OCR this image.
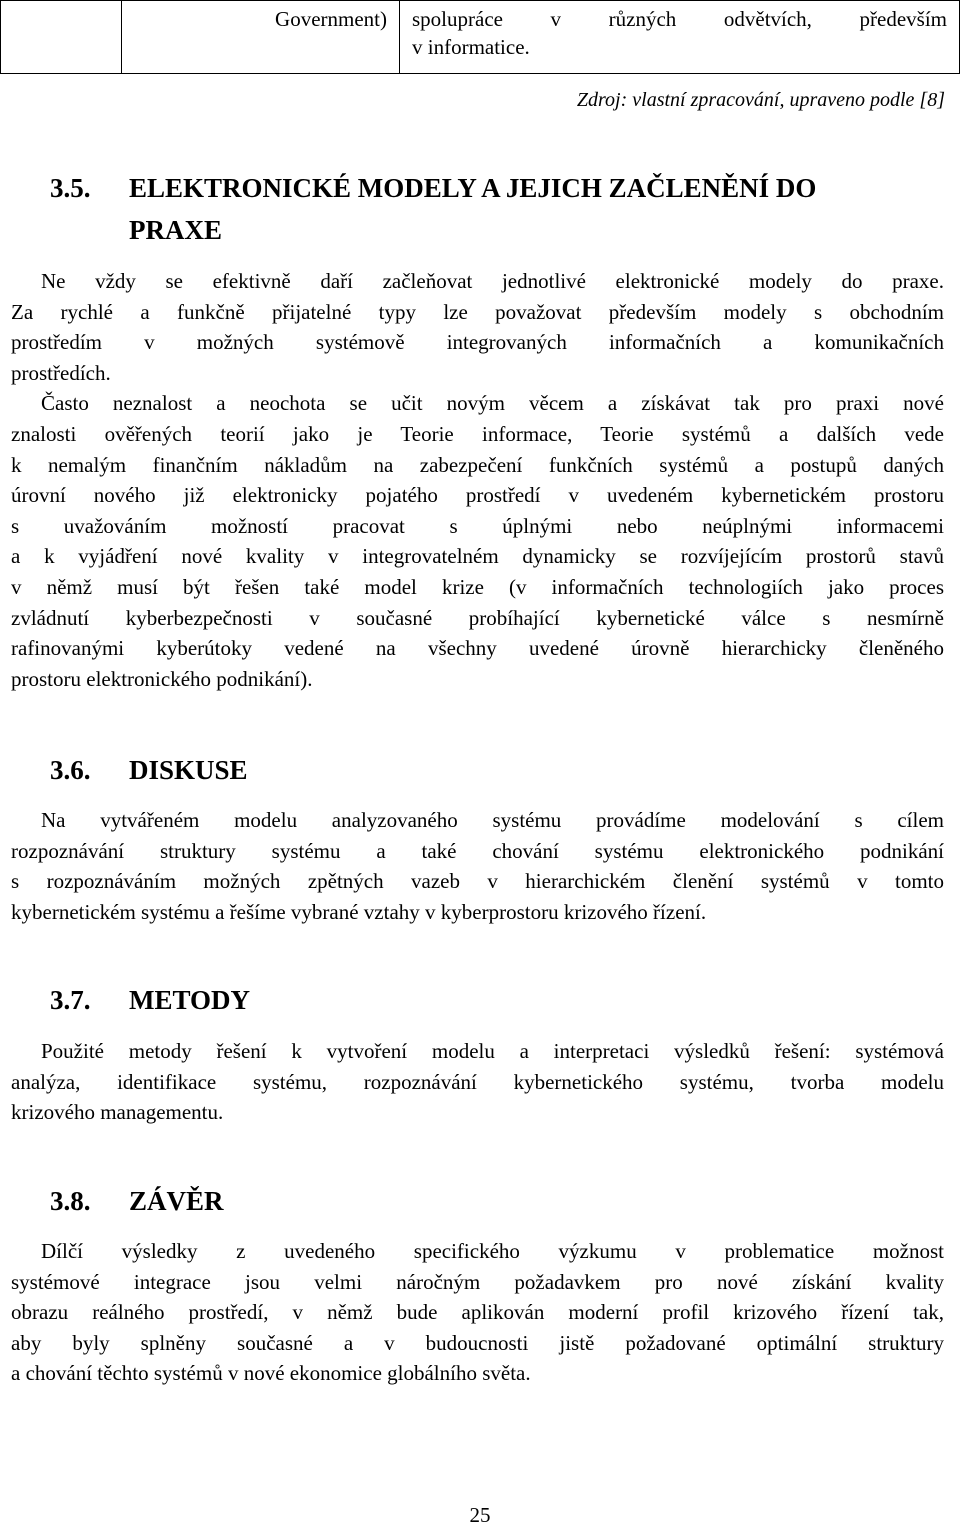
	Government)	spolupráce v různých odvětvích, především
v informatice.
Zdroj: vlastní zpracování, upraveno podle [8]
3.5. ELEKTRONICKÉ MODELY A JEJICH ZAČLENĚNÍ DO
PRAXE
Ne vždy se efektivně daří začleňovat jednotlivé elektronické modely do praxe.
Za rychlé a funkčně přijatelné typy lze považovat především modely s obchodním
prostředím v možných systémově integrovaných informačních a komunikačních
prostředích.
Často neznalost a neochota se učit novým věcem a získávat tak pro praxi nové
znalosti ověřených teorií jako je Teorie informace, Teorie systémů a dalších vede
k nemalým finančním nákladům na zabezpečení funkčních systémů a postupů daných
úrovní nového již elektronicky pojatého prostředí v uvedeném kybernetickém prostoru
s uvažováním možností pracovat s úplnými nebo neúplnými informacemi
a k vyjádření nové kvality v integrovatelném dynamicky se rozvíjejícím prostorů stavů
v němž musí být řešen také model krize (v informačních technologiích jako proces
zvládnutí kyberbezpečnosti v současné probíhající kybernetické válce s nesmírně
rafinovanými kyberútoky vedené na všechny uvedené úrovně hierarchicky členěného
prostoru elektronického podnikání).
3.6. DISKUSE
Na vytvářeném modelu analyzovaného systému provádíme modelování s cílem
rozpoznávání struktury systému a také chování systému elektronického podnikání
s rozpoznáváním možných zpětných vazeb v hierarchickém členění systémů v tomto
kybernetickém systému a řešíme vybrané vztahy v kyberprostoru krizového řízení.
3.7. METODY
Použité metody řešení k vytvoření modelu a interpretaci výsledků řešení: systémová
analýza, identifikace systému, rozpoznávání kybernetického systému, tvorba modelu
krizového managementu.
3.8. ZÁVĚR
Dílčí výsledky z uvedeného specifického výzkumu v problematice možnost
systémové integrace jsou velmi náročným požadavkem pro nové získání kvality
obrazu reálného prostředí, v němž bude aplikován moderní profil krizového řízení tak,
aby byly splněny současné a v budoucnosti jistě požadované optimální struktury
a chování těchto systémů v nové ekonomice globálního světa.
25
